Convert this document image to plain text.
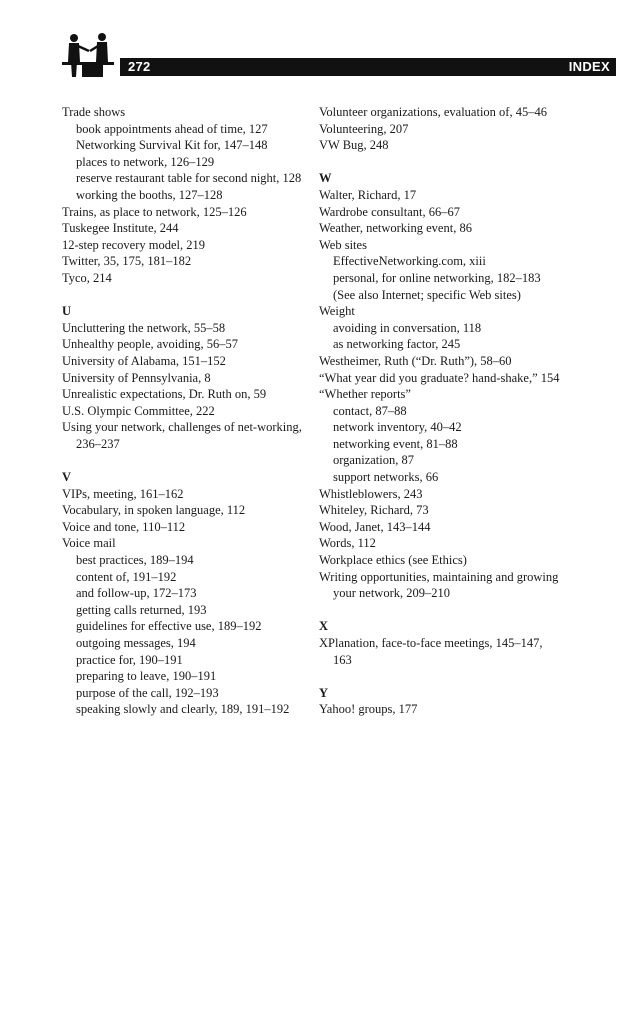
272	INDEX
Trade shows
book appointments ahead of time, 127
Networking Survival Kit for, 147–148
places to network, 126–129
reserve restaurant table for second night, 128
working the booths, 127–128
Trains, as place to network, 125–126
Tuskegee Institute, 244
12-step recovery model, 219
Twitter, 35, 175, 181–182
Tyco, 214
U
Uncluttering the network, 55–58
Unhealthy people, avoiding, 56–57
University of Alabama, 151–152
University of Pennsylvania, 8
Unrealistic expectations, Dr. Ruth on, 59
U.S. Olympic Committee, 222
Using your network, challenges of net-working, 236–237
V
VIPs, meeting, 161–162
Vocabulary, in spoken language, 112
Voice and tone, 110–112
Voice mail
best practices, 189–194
content of, 191–192
and follow-up, 172–173
getting calls returned, 193
guidelines for effective use, 189–192
outgoing messages, 194
practice for, 190–191
preparing to leave, 190–191
purpose of the call, 192–193
speaking slowly and clearly, 189, 191–192
Volunteer organizations, evaluation of, 45–46
Volunteering, 207
VW Bug, 248
W
Walter, Richard, 17
Wardrobe consultant, 66–67
Weather, networking event, 86
Web sites
EffectiveNetworking.com, xiii
personal, for online networking, 182–183
(See also Internet; specific Web sites)
Weight
avoiding in conversation, 118
as networking factor, 245
Westheimer, Ruth (“Dr. Ruth”), 58–60
“What year did you graduate? hand-shake,” 154
“Whether reports”
contact, 87–88
network inventory, 40–42
networking event, 81–88
organization, 87
support networks, 66
Whistleblowers, 243
Whiteley, Richard, 73
Wood, Janet, 143–144
Words, 112
Workplace ethics (see Ethics)
Writing opportunities, maintaining and growing your network, 209–210
X
XPlanation, face-to-face meetings, 145–147, 163
Y
Yahoo! groups, 177
